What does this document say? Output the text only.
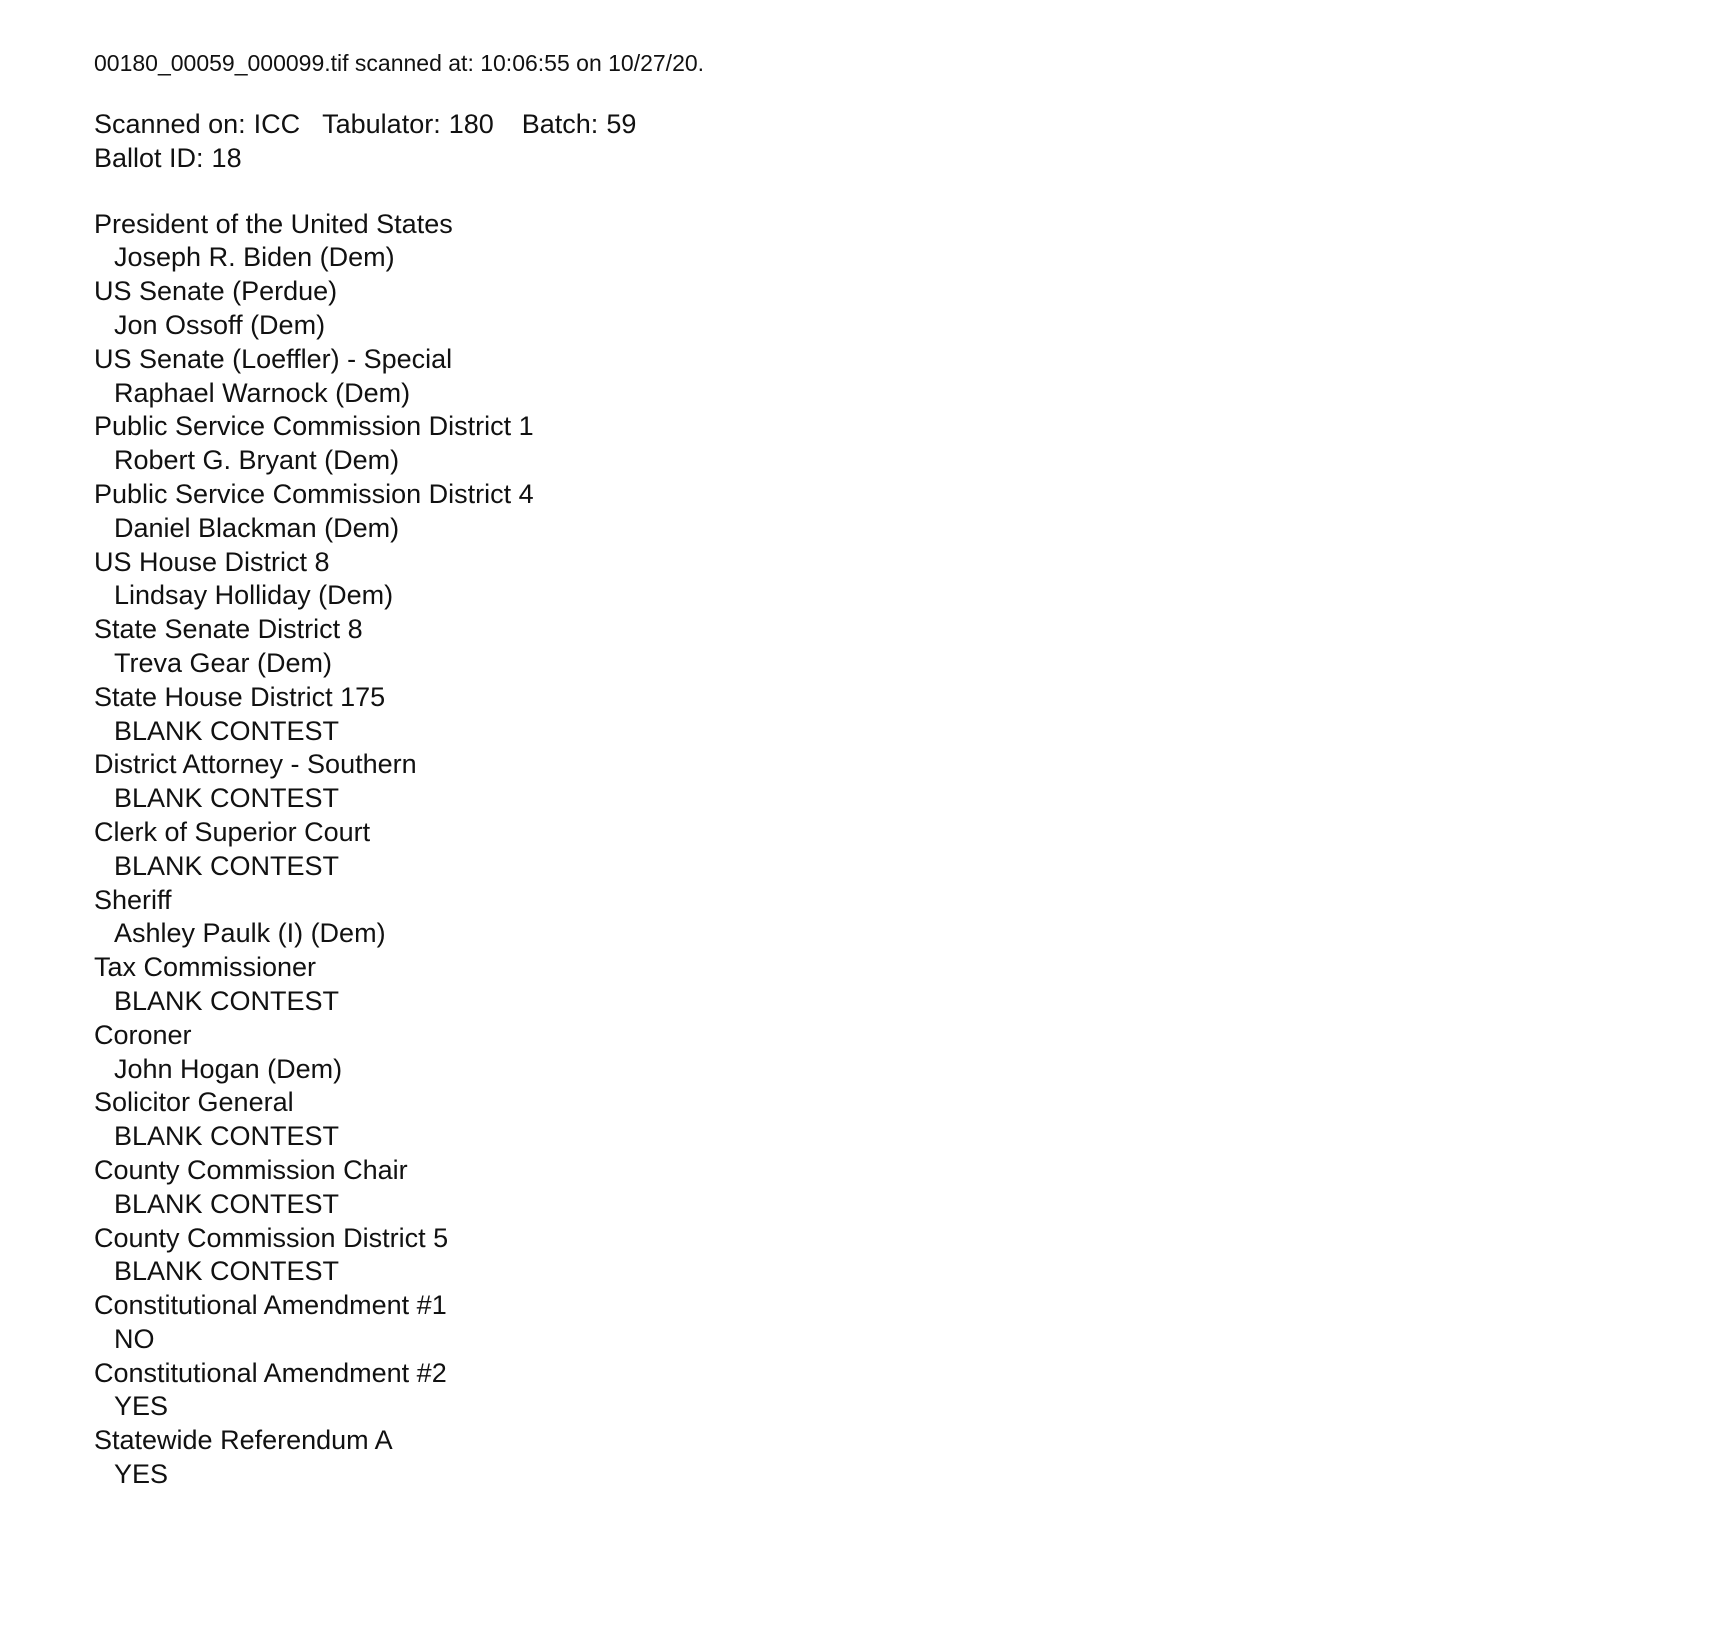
00180_00059_000099.tif scanned at: 10:06:55 on 10/27/20.
Scanned on: ICC Tabulator: 180 Batch: 59
Ballot ID: 18
President of the United States
Joseph R. Biden (Dem)
US Senate (Perdue)
Jon Ossoff (Dem)
US Senate (Loeffler) - Special
Raphael Warnock (Dem)
Public Service Commission District 1
Robert G. Bryant (Dem)
Public Service Commission District 4
Daniel Blackman (Dem)
US House District 8
Lindsay Holliday (Dem)
State Senate District 8
Treva Gear (Dem)
State House District 175
BLANK CONTEST
District Attorney - Southern
BLANK CONTEST
Clerk of Superior Court
BLANK CONTEST
Sheriff
Ashley Paulk (I) (Dem)
Tax Commissioner
BLANK CONTEST
Coroner
John Hogan (Dem)
Solicitor General
BLANK CONTEST
County Commission Chair
BLANK CONTEST
County Commission District 5
BLANK CONTEST
Constitutional Amendment #1
NO
Constitutional Amendment #2
YES
Statewide Referendum A
YES
